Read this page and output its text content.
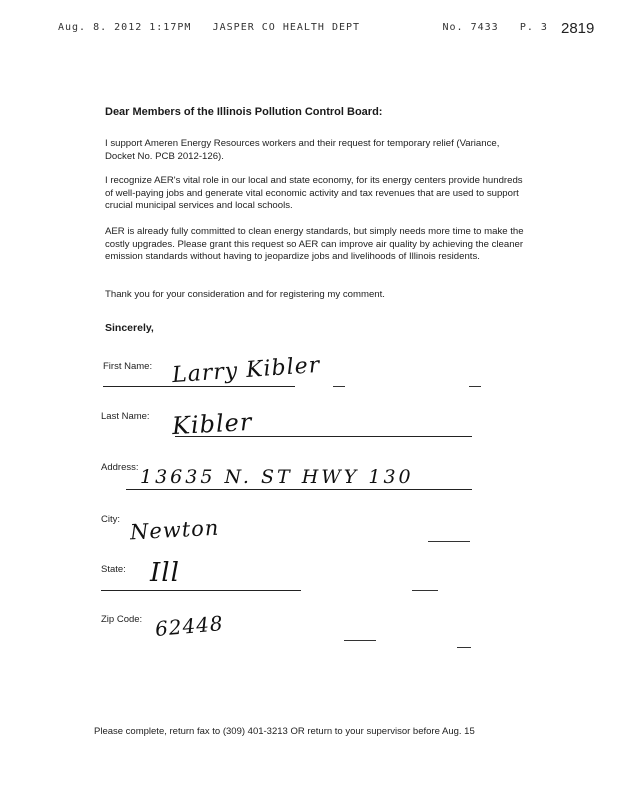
Aug. 8. 2012 1:17PM JASPER CO HEALTH DEPT	No. 7433 P. 3 2819
Dear Members of the Illinois Pollution Control Board:
I support Ameren Energy Resources workers and their request for temporary relief (Variance, Docket No. PCB 2012-126).
I recognize AER's vital role in our local and state economy, for its energy centers provide hundreds of well-paying jobs and generate vital economic activity and tax revenues that are used to support crucial municipal services and local schools.
AER is already fully committed to clean energy standards, but simply needs more time to make the costly upgrades. Please grant this request so AER can improve air quality by achieving the cleaner emission standards without having to jeopardize jobs and livelihoods of Illinois residents.
Thank you for your consideration and for registering my comment.
Sincerely,
First Name: Larry Kibler
Last Name: Kibler
Address: 13635 N. ST HWY 130
City: Newton
State: Ill
Zip Code: 62448
Please complete, return fax to (309) 401-3213 OR return to your supervisor before Aug. 15
